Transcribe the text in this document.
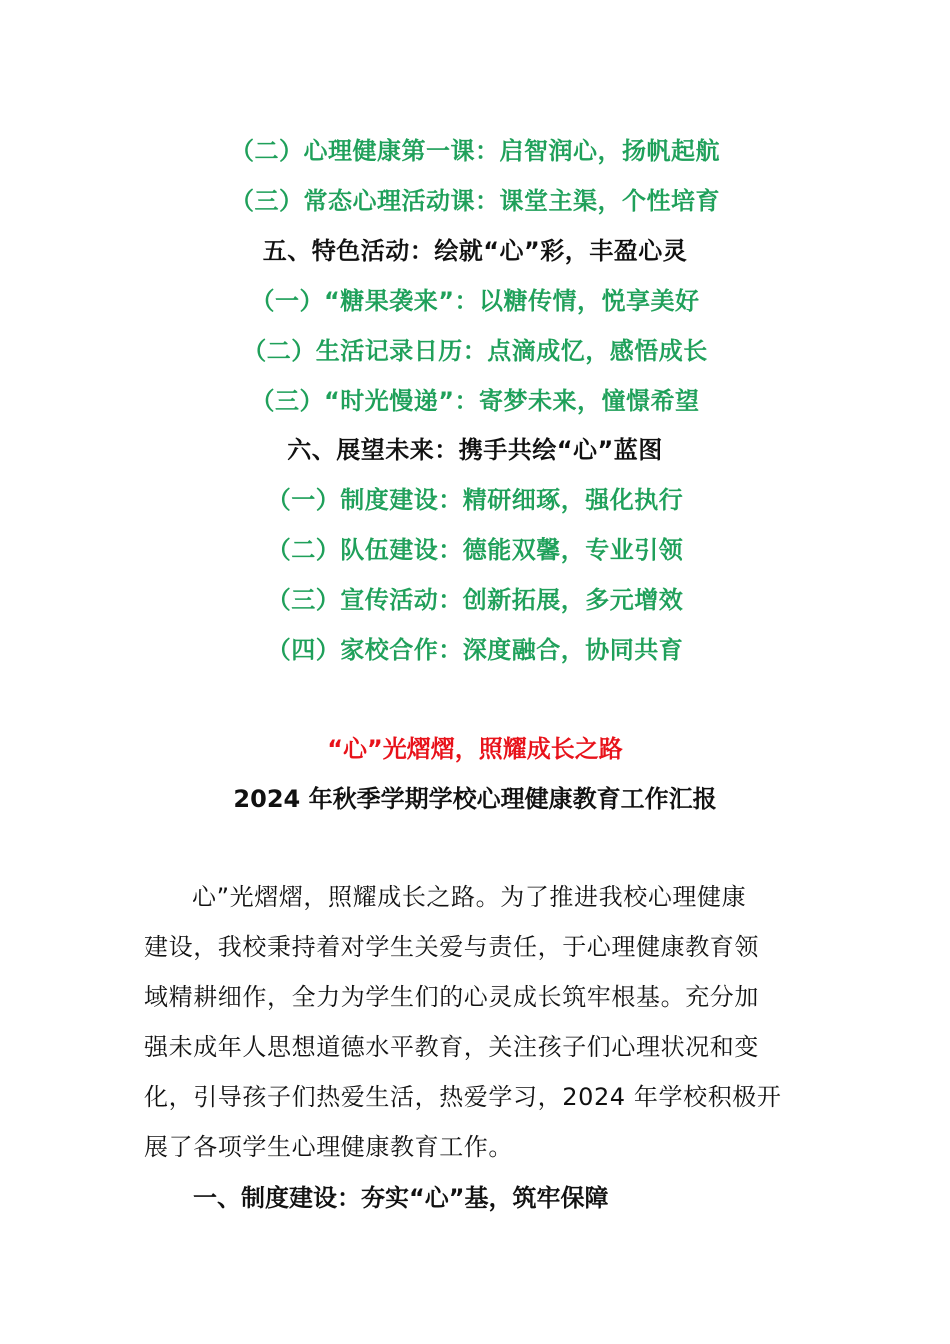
（二）心理健康第一课：启智润心，扬帆起航
（三）常态心理活动课：课堂主渠，个性培育
五、特色活动：绘就“心”彩，丰盈心灵
（一）“糖果袭来”：以糖传情，悦享美好
（二）生活记录日历：点滴成忆，感悟成长
（三）“时光慢递”：寄梦未来，憧憬希望
六、展望未来：携手共绘“心”蓝图
（一）制度建设：精研细琢，强化执行
（二）队伍建设：德能双馨，专业引领
（三）宣传活动：创新拓展，多元增效
（四）家校合作：深度融合，协同共育
“心”光熠熠，照耀成长之路
2024 年秋季学期学校心理健康教育工作汇报
心”光熠熠，照耀成长之路。为了推进我校心理健康
建设，我校秉持着对学生关爱与责任，于心理健康教育领
域精耕细作，全力为学生们的心灵成长筑牢根基。充分加
强未成年人思想道德水平教育，关注孩子们心理状况和变
化，引导孩子们热爱生活，热爱学习，2024 年学校积极开
展了各项学生心理健康教育工作。
一、制度建设：夯实“心”基，筑牢保障
